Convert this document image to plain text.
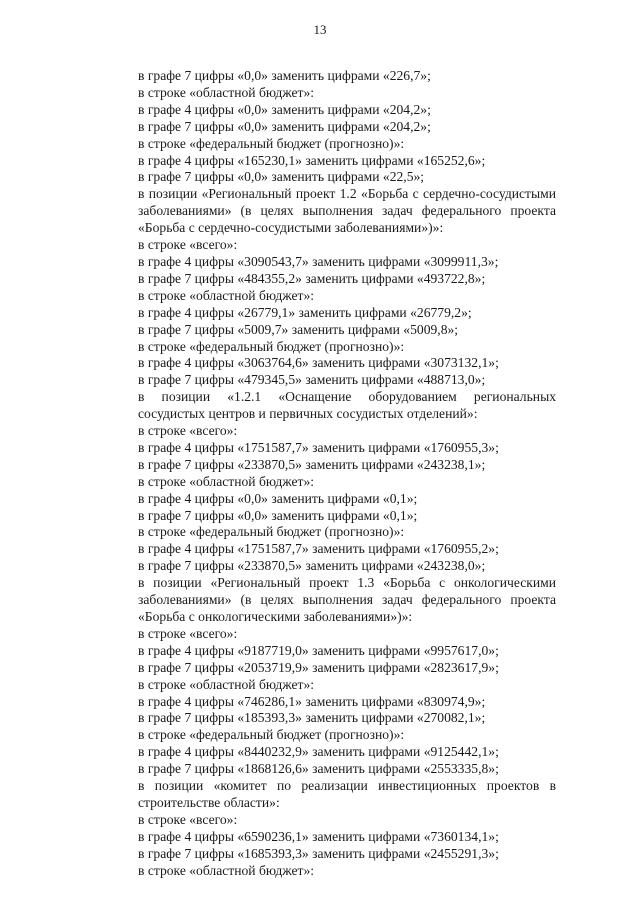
13
в графе 7 цифры «0,0» заменить цифрами «226,7»;
в строке «областной бюджет»:
в графе 4 цифры «0,0» заменить цифрами «204,2»;
в графе 7 цифры «0,0» заменить цифрами «204,2»;
в строке «федеральный бюджет (прогнозно)»:
в графе 4 цифры «165230,1» заменить цифрами «165252,6»;
в графе 7 цифры «0,0» заменить цифрами «22,5»;
в позиции «Региональный проект 1.2 «Борьба с сердечно-сосудистыми заболеваниями» (в целях выполнения задач федерального проекта «Борьба с сердечно-сосудистыми заболеваниями»)»:
в строке «всего»:
в графе 4 цифры «3090543,7» заменить цифрами «3099911,3»;
в графе 7 цифры «484355,2» заменить цифрами «493722,8»;
в строке «областной бюджет»:
в графе 4 цифры «26779,1» заменить цифрами «26779,2»;
в графе 7 цифры «5009,7» заменить цифрами «5009,8»;
в строке «федеральный бюджет (прогнозно)»:
в графе 4 цифры «3063764,6» заменить цифрами «3073132,1»;
в графе 7 цифры «479345,5» заменить цифрами «488713,0»;
в позиции «1.2.1 «Оснащение оборудованием региональных сосудистых центров и первичных сосудистых отделений»:
в строке «всего»:
в графе 4 цифры «1751587,7» заменить цифрами «1760955,3»;
в графе 7 цифры «233870,5» заменить цифрами «243238,1»;
в строке «областной бюджет»:
в графе 4 цифры «0,0» заменить цифрами «0,1»;
в графе 7 цифры «0,0» заменить цифрами «0,1»;
в строке «федеральный бюджет (прогнозно)»:
в графе 4 цифры «1751587,7» заменить цифрами «1760955,2»;
в графе 7 цифры «233870,5» заменить цифрами «243238,0»;
в позиции «Региональный проект 1.3 «Борьба с онкологическими заболеваниями» (в целях выполнения задач федерального проекта «Борьба с онкологическими заболеваниями»)»:
в строке «всего»:
в графе 4 цифры «9187719,0» заменить цифрами «9957617,0»;
в графе 7 цифры «2053719,9» заменить цифрами «2823617,9»;
в строке «областной бюджет»:
в графе 4 цифры «746286,1» заменить цифрами «830974,9»;
в графе 7 цифры «185393,3» заменить цифрами «270082,1»;
в строке «федеральный бюджет (прогнозно)»:
в графе 4 цифры «8440232,9» заменить цифрами «9125442,1»;
в графе 7 цифры «1868126,6» заменить цифрами «2553335,8»;
в позиции «комитет по реализации инвестиционных проектов в строительстве области»:
в строке «всего»:
в графе 4 цифры «6590236,1» заменить цифрами «7360134,1»;
в графе 7 цифры «1685393,3» заменить цифрами «2455291,3»;
в строке «областной бюджет»:
